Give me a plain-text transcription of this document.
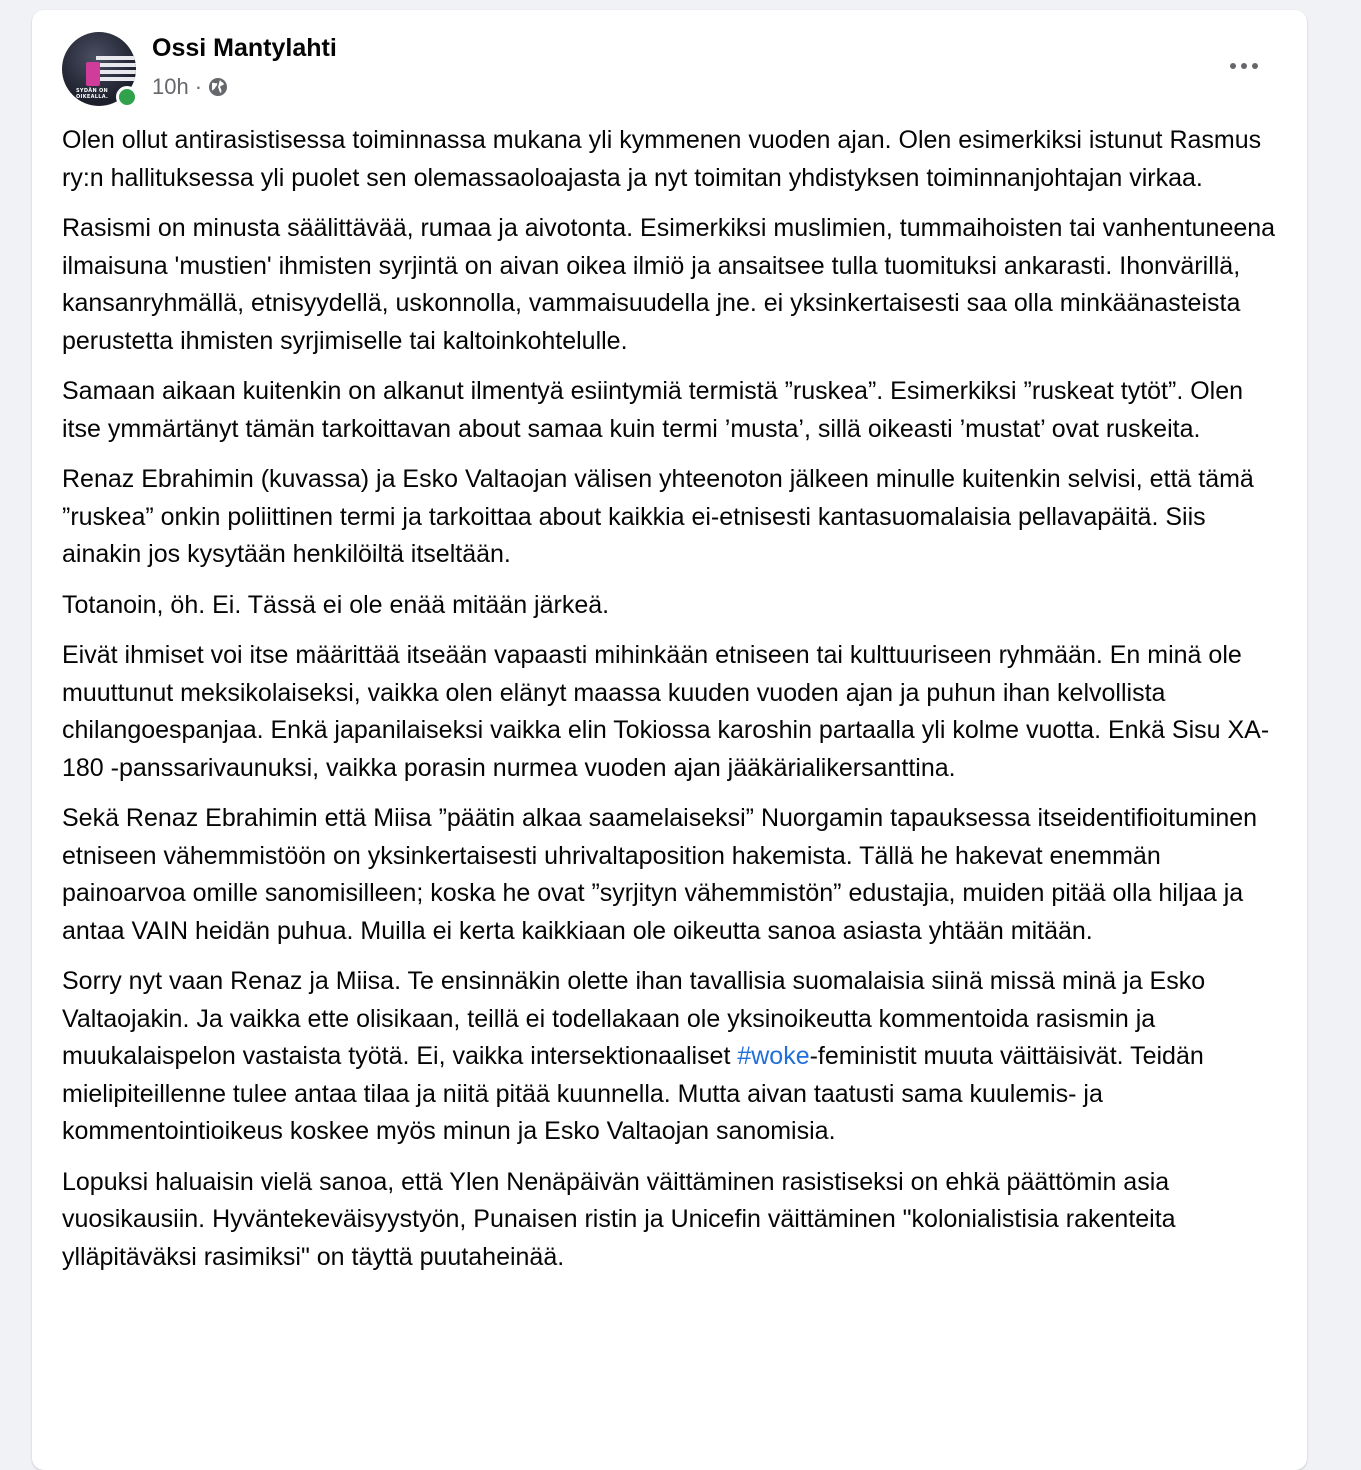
SYDÄN ON OIKEALLA.
Ossi Mantylahti
10h ·

Olen ollut antirasistisessa toiminnassa mukana yli kymmenen vuoden ajan. Olen esimerkiksi istunut Rasmus ry:n hallituksessa yli puolet sen olemassaoloajasta ja nyt toimitan yhdistyksen toiminnanjohtajan virkaa.

Rasismi on minusta säälittävää, rumaa ja aivotonta. Esimerkiksi muslimien, tummaihoisten tai vanhentuneena ilmaisuna 'mustien' ihmisten syrjintä on aivan oikea ilmiö ja ansaitsee tulla tuomituksi ankarasti. Ihonvärillä, kansanryhmällä, etnisyydellä, uskonnolla, vammaisuudella jne. ei yksinkertaisesti saa olla minkäänasteista perustetta ihmisten syrjimiselle tai kaltoinkohtelulle.

Samaan aikaan kuitenkin on alkanut ilmentyä esiintymiä termistä ”ruskea”. Esimerkiksi ”ruskeat tytöt”. Olen itse ymmärtänyt tämän tarkoittavan about samaa kuin termi ’musta’, sillä oikeasti ’mustat’ ovat ruskeita.

Renaz Ebrahimin (kuvassa) ja Esko Valtaojan välisen yhteenoton jälkeen minulle kuitenkin selvisi, että tämä ”ruskea” onkin poliittinen termi ja tarkoittaa about kaikkia ei-etnisesti kantasuomalaisia pellavapäitä. Siis ainakin jos kysytään henkilöiltä itseltään.

Totanoin, öh. Ei. Tässä ei ole enää mitään järkeä.

Eivät ihmiset voi itse määrittää itseään vapaasti mihinkään etniseen tai kulttuuriseen ryhmään. En minä ole muuttunut meksikolaiseksi, vaikka olen elänyt maassa kuuden vuoden ajan ja puhun ihan kelvollista chilangoespanjaa. Enkä japanilaiseksi vaikka elin Tokiossa karoshin partaalla yli kolme vuotta. Enkä Sisu XA-180 -panssarivaunuksi, vaikka porasin nurmea vuoden ajan jääkärialikersanttina.

Sekä Renaz Ebrahimin että Miisa ”päätin alkaa saamelaiseksi” Nuorgamin tapauksessa itseidentifioituminen etniseen vähemmistöön on yksinkertaisesti uhrivaltaposition hakemista. Tällä he hakevat enemmän painoarvoa omille sanomisilleen; koska he ovat ”syrjityn vähemmistön” edustajia, muiden pitää olla hiljaa ja antaa VAIN heidän puhua. Muilla ei kerta kaikkiaan ole oikeutta sanoa asiasta yhtään mitään.

Sorry nyt vaan Renaz ja Miisa. Te ensinnäkin olette ihan tavallisia suomalaisia siinä missä minä ja Esko Valtaojakin. Ja vaikka ette olisikaan, teillä ei todellakaan ole yksinoikeutta kommentoida rasismin ja muukalaispelon vastaista työtä. Ei, vaikka intersektionaaliset #woke-feministit muuta väittäisivät. Teidän mielipiteillenne tulee antaa tilaa ja niitä pitää kuunnella. Mutta aivan taatusti sama kuulemis- ja kommentointioikeus koskee myös minun ja Esko Valtaojan sanomisia.

Lopuksi haluaisin vielä sanoa, että Ylen Nenäpäivän väittäminen rasistiseksi on ehkä päättömin asia vuosikausiin. Hyväntekeväisyystyön, Punaisen ristin ja Unicefin väittäminen "kolonialistisia rakenteita ylläpitäväksi rasimiksi" on täyttä puutaheinää.
